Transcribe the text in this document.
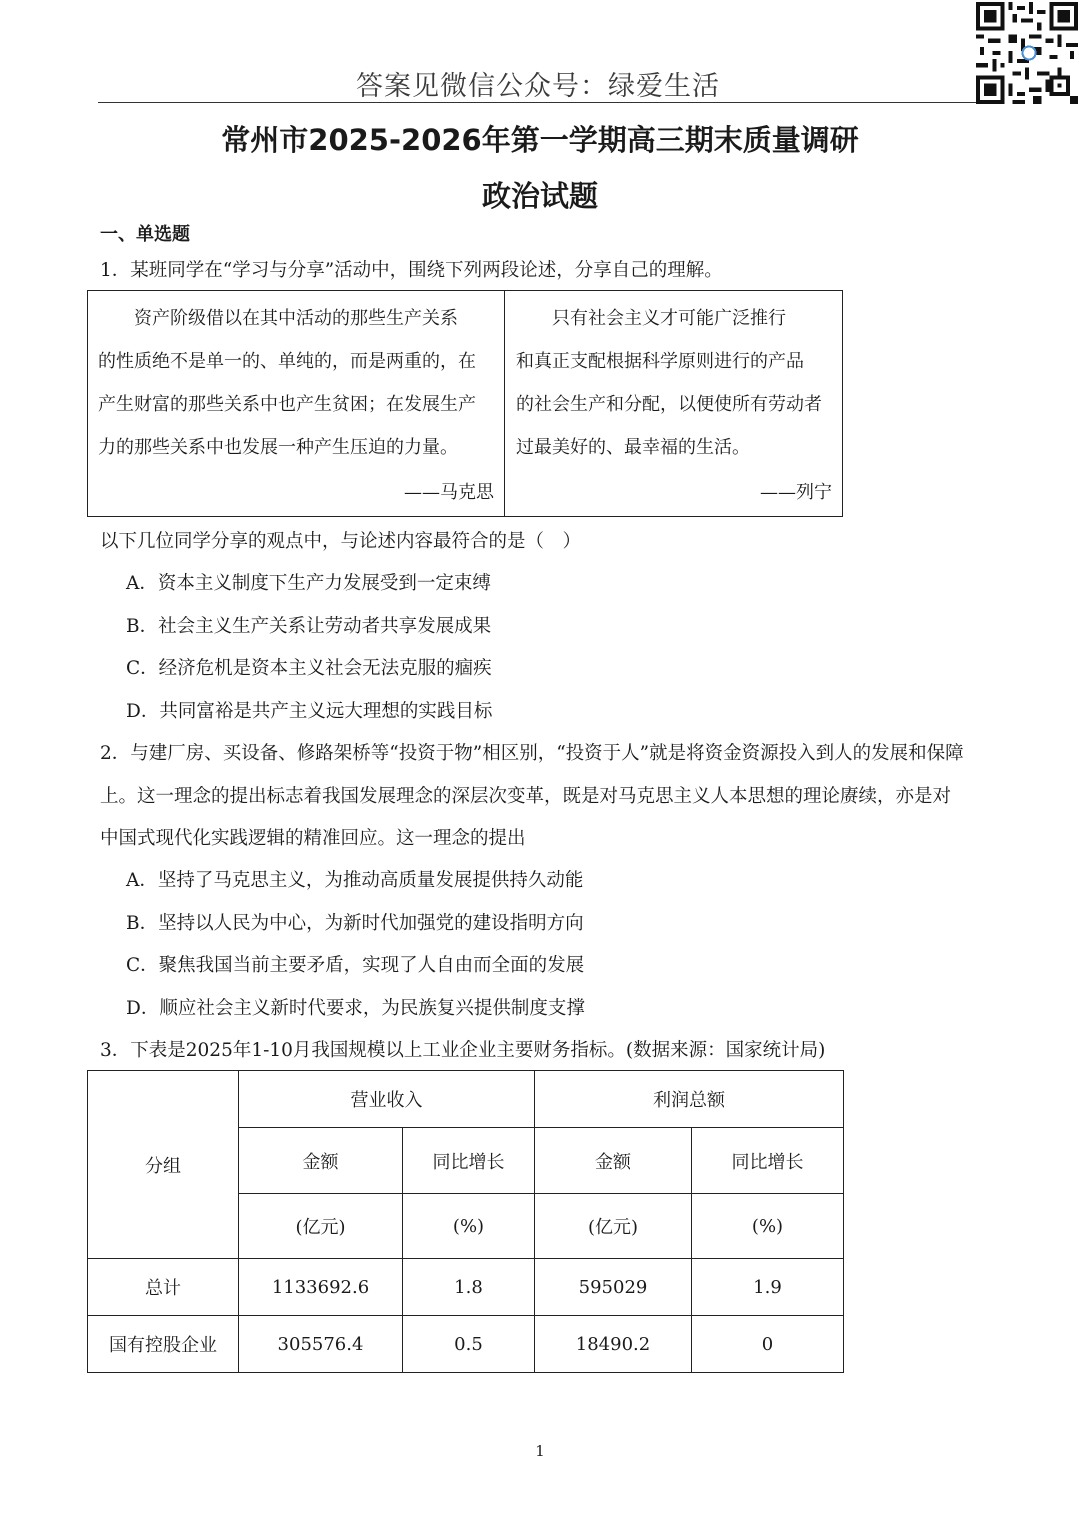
答案见微信公众号：绿爱生活
常州市2025-2026年第一学期高三期末质量调研
政治试题
一、单选题
1．某班同学在“学习与分享”活动中，围绕下列两段论述，分享自己的理解。
资产阶级借以在其中活动的那些生产关系
的性质绝不是单一的、单纯的，而是两重的，在
产生财富的那些关系中也产生贫困；在发展生产
力的那些关系中也发展一种产生压迫的力量。
——马克思
只有社会主义才可能广泛推行
和真正支配根据科学原则进行的产品
的社会生产和分配，以便使所有劳动者
过最美好的、最幸福的生活。
——列宁
以下几位同学分享的观点中，与论述内容最符合的是（　）
A．资本主义制度下生产力发展受到一定束缚
B．社会主义生产关系让劳动者共享发展成果
C．经济危机是资本主义社会无法克服的痼疾
D．共同富裕是共产主义远大理想的实践目标
2．与建厂房、买设备、修路架桥等“投资于物”相区别，“投资于人”就是将资金资源投入到人的发展和保障
上。这一理念的提出标志着我国发展理念的深层次变革，既是对马克思主义人本思想的理论赓续，亦是对
中国式现代化实践逻辑的精准回应。这一理念的提出
A．坚持了马克思主义，为推动高质量发展提供持久动能
B．坚持以人民为中心，为新时代加强党的建设指明方向
C．聚焦我国当前主要矛盾，实现了人自由而全面的发展
D．顺应社会主义新时代要求，为民族复兴提供制度支撑
3．下表是2025年1-10月我国规模以上工业企业主要财务指标。(数据来源：国家统计局)
分组	营业收入		利润总额	
	金额	同比增长	金额	同比增长
	(亿元)	(%)	(亿元)	(%)
总计	1133692.6	1.8	595029	1.9
国有控股企业	305576.4	0.5	18490.2	0
1
